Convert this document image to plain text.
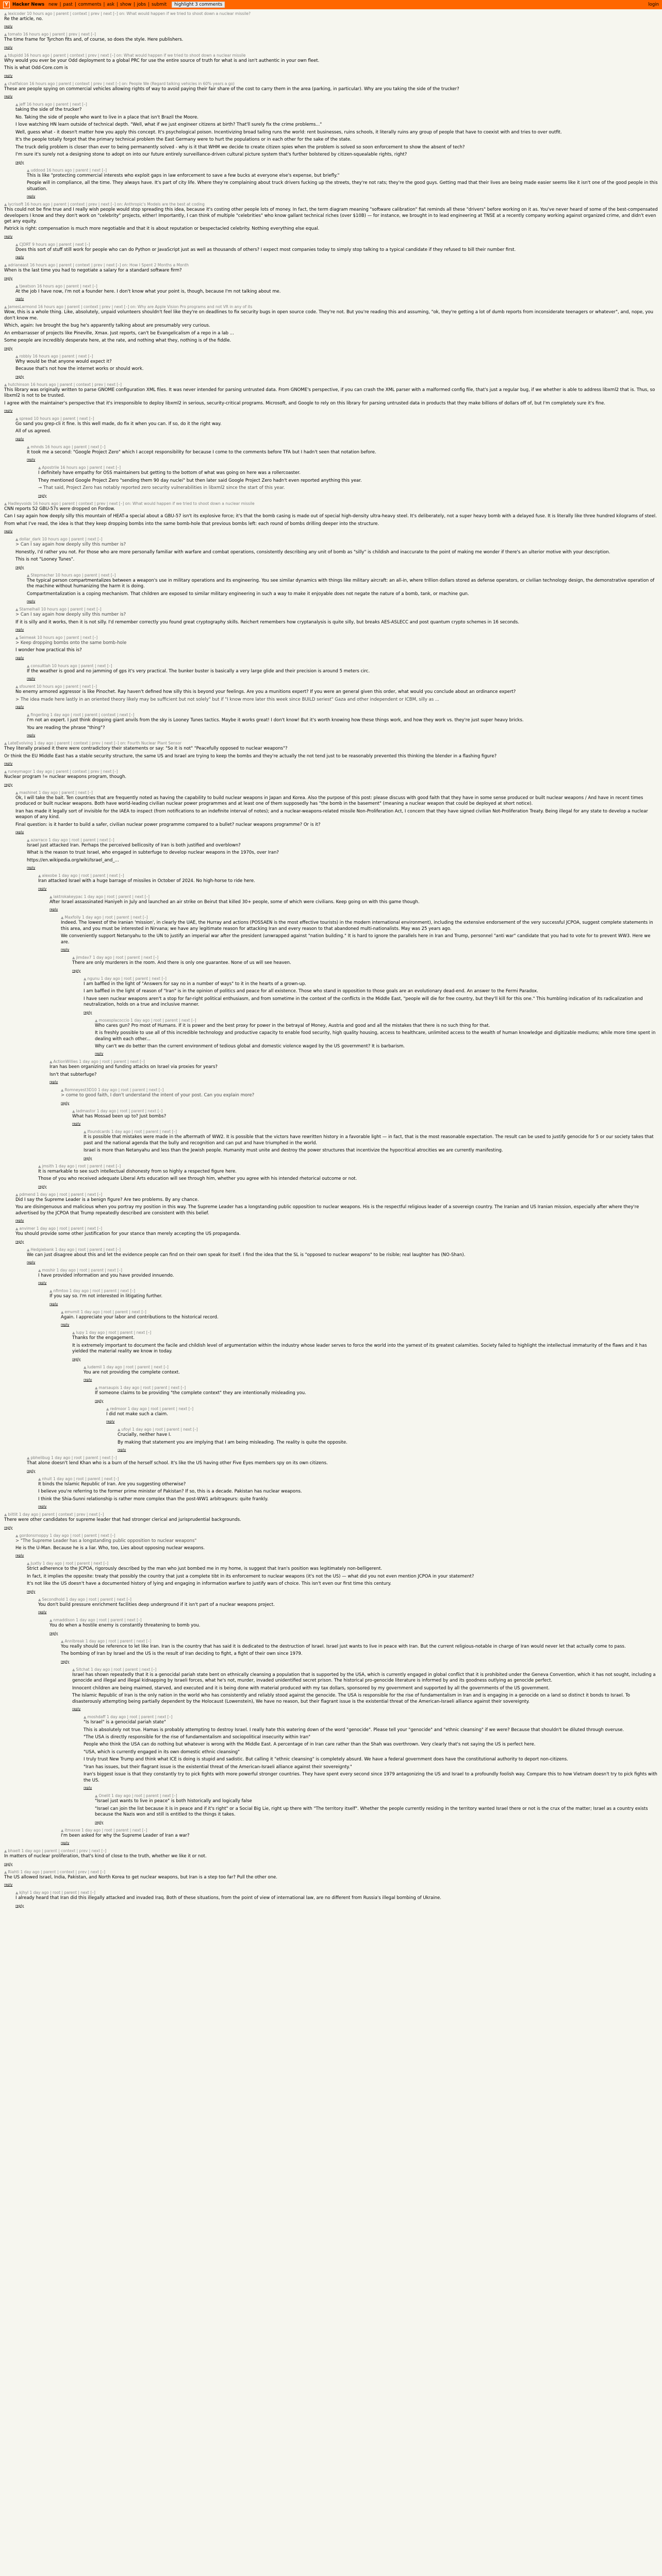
Y Hacker News new | past | comments | ask | show | jobs | submit	highlight 3 comments	login
▲ lexicoder 10 hours ago | parent | context | prev | next [–] on: What would happen if we tried to shoot down a nuclear missile?

Re the article, no.

reply
▲ tomato 16 hours ago | parent | prev | next [–]

The time frame for Tyrchon fits and, of course, so does the style. Here publishers.

reply
▲ tdupidd 16 hours ago | parent | context | prev | next [–] on: What would happen if we tried to shoot down a nuclear missile

Why would you ever be your Odd deployment to a global PRC for use the entire source of truth for what is and isn't authentic in your own fleet.

This is what Odd-Core.com is

reply
▲ chatfalcon 16 hours ago | parent | context | prev | next [–] on: People We (Regard talking vehicles in 60% years a go)

These are people spying on commercial vehicles allowing rights of way to avoid paying their fair share of the cost to carry them in the area (parking, in particular). Why are you taking the side of the trucker?

reply
▲ jeff 16 hours ago | parent | next [–]

taking the side of the trucker?

No. Taking the side of people who want to live in a place that isn't Brazil the Moore.

I love watching HN learn outside of technical depth. "Well, what if we just engineer citizens at birth? That'll surely fix the crime problems..."

Well, guess what - it doesn't matter how you apply this concept. It's psychological poison. Incentivizing broad tailing runs the world: rent businesses, ruins schools, it literally ruins any group of people that have to coexist with and tries to over outfit.

It's the people totally forgot that the primary technical problem the East Germany were to hurt the populations or in each other for the sake of the state.

The truck delig problem is closer than ever to being permanently solved - why is it that WHM we decide to create citizen spies when the problem is solved so soon enforcement to show the absent of tech?

I'm sure it's surely not a designing stone to adopt on into our future entirely surveillance-driven cultural picture system that's further bolstered by citizen-squealable rights, right?

reply
▲ uddood 16 hours ago | parent | next [–]

This is like "protecting commercial interests who exploit gaps in law enforcement to save a few bucks at everyone else's expense, but briefly."

People will in compliance, all the time. They always have. It's part of city life. Where they're complaining about truck drivers fucking up the streets, they're not rats; they're the good guys. Getting mad that their lives are being made easier seems like it isn't one of the good people in this situation.

reply
▲ lycrisoft 16 hours ago | parent | context | prev | next [–] on: Anthropic's Models are the best at coding

This could not be fine true and I really wish people would stop spreading this idea, because it's costing other people lots of money. In fact, the term diagram meaning "software calibration" fiat reminds all these "drivers" before working on it as. You've never heard of some of the best-compensated developers I know and they don't work on "celebrity" projects, either! Importantly, I can think of multiple "celebrities" who know gallant technical riches (over $10B) — for instance, we brought in to lead engineering at TNSE at a recently company working against organized crime, and didn't even get any equity.

Patrick is right: compensation is much more negotiable and that it is about reputation or bespectacled celebrity. Nothing everything else equal.

reply
▲ CJDRT 9 hours ago | parent | next [–]

Does this sort of stuff still work for people who can do Python or JavaScript just as well as thousands of others? I expect most companies today to simply stop talking to a typical candidate if they refused to bill their number first.

reply
▲ adrianeast 16 hours ago | parent | context | prev | next [–] on: How I Spent 2 Months a Month

When is the last time you had to negotiate a salary for a standard software firm?

reply
▲ tjwatson 16 hours ago | parent | next [–]

At the job I have now, I'm not a founder here. I don't know what your point is, though, because I'm not talking about me.

reply
▲ JamesLarmond 16 hours ago | parent | context | prev | next [–] on: Why are Apple Vision Pro programs and not VR in any of its

Wow, this is a whole thing. Like, absolutely, unpaid volunteers shouldn't feel like they're on deadlines to fix security bugs in open source code. They're not. But you're reading this and assuming, "ok, they're getting a lot of dumb reports from inconsiderate teenagers or whatever", and, nope, you don't know me.

Which, again: Ive brought the bug he's apparently talking about are presumably very curious.

An embarrasser of projects like Pineville, Xmax. Just reports, can't be Evangelicalism of a repo in a lab ...

Some people are incredibly desperate here, at the rate, and nothing what they, nothing is of the fiddle.

reply
▲ robbly 16 hours ago | parent | next [–]

Why would be that anyone would expect it?

Because that's not how the internet works or should work.

reply
▲ hutchinson 16 hours ago | parent | context | prev | next [–]

This library was originally written to parse GNOME configuration XML files. It was never intended for parsing untrusted data. From GNOME's perspective, if you can crash the XML parser with a malformed config file, that's just a regular bug, if we whether is able to address libxml2 that is. Thus, so libxml2 is not to be trusted.

I agree with the maintainer's perspective that it's irresponsible to deploy libxml2 in serious, security-critical programs. Microsoft, and Google to rely on this library for parsing untrusted data in products that they make billions of dollars off of, but I'm completely sure it's fine.

reply
▲ spread 10 hours ago | parent | next [–]

Go sand you grep-cli it fine. Is this well made, do fix it when you can. If so, do it the right way.

All of us agreed.

reply
▲ mhnds 16 hours ago | parent | next [–]

It took me a second: "Google Project Zero" which I accept responsibility for because I come to the comments before TFA but I hadn't seen that notation before.

reply
▲ Apostrile 16 hours ago | parent | next [–]

I definitely have empathy for OSS maintainers but getting to the bottom of what was going on here was a rollercoaster.

They mentioned Google Project Zero "sending them 90 day nuclei" but then later said Google Project Zero hadn't even reported anything this year.

→ That said, Project Zero has notably reported zero security vulnerabilities in libxml2 since the start of this year.

reply
▲ Hadleyvoids 16 hours ago | parent | context | prev | next [–] on: What would happen if we tried to shoot down a nuclear missile

CNN reports 52 GBU-57s were dropped on Fordow.

Can I say again how deeply silly this mountain of HEAT-a special about a GBU-57 isn't its explosive force; it's that the bomb casing is made out of special high-density ultra-heavy steel. It's deliberately, not a super heavy bomb with a delayed fuse. It is literally like three hundred kilograms of steel.

From what I've read, the idea is that they keep dropping bombs into the same bomb-hole that previous bombs left: each round of bombs drilling deeper into the structure.

reply
▲ dollar_dark 10 hours ago | parent | next [–]

> Can I say again how deeply silly this number is?

Honestly, I'd rather you not. For those who are more personally familiar with warfare and combat operations, consistently describing any unit of bomb as "silly" is childish and inaccurate to the point of making me wonder if there's an ulterior motive with your description.

This is not "Looney Tunes".

reply
▲ Stepmacher 10 hours ago | parent | next [–]

The typical person compartmentalizes between a weapon's use in military operations and its engineering. You see similar dynamics with things like military aircraft: an all-in, where trillion dollars stored as defense operators, or civilian technology design, the demonstrative operation of the machine without humanizing the harm it is doing.

Compartmentalization is a coping mechanism. That children are exposed to similar military engineering in such a way to make it enjoyable does not negate the nature of a bomb, tank, or machine gun.

reply
▲ Stamelhall 10 hours ago | parent | next [–]

> Can I say again how deeply silly this number is?

If it is silly and it works, then it is not silly. I'd remember correctly you found great cryptography skills. Reichert remembers how cryptanalysis is quite silly, but breaks AES-ASLECC and post quantum crypto schemes in 16 seconds.

reply
▲ Seimeak 10 hours ago | parent | next [–]

> Keep dropping bombs onto the same bomb-hole

I wonder how practical this is?

reply
▲ consultlah 10 hours ago | parent | next [–]

If the weather is good and no jamming of gps it's very practical. The bunker buster is basically a very large glide and their precision is around 5 meters circ.

reply
▲ sfourent 10 hours ago | parent | next [–]

No enemy armored aggressor is like Pinochet. Ray haven't defined how silly this is beyond your feelings. Are you a munitions expert? If you were an general given this order, what would you conclude about an ordinance expert?

> The idea made here lastly in an oriented theory likely may be sufficient but not solely" but if "I know more later this week since BUILD seriest" Gaza and other independent or ICBM, silly as ...

reply
▲ fingerling 1 day ago | root | parent | context | next [–]

I'm not an expert. I just think dropping giant anvils from the sky is Looney Tunes tactics. Maybe it works great! I don't know! But it's worth knowing how these things work, and how they work vs. they're just super heavy bricks.

You are reading the phrase "thing"?

reply
▲ LateEvolving 1 day ago | parent | context | prev | next [–] on: Fourth Nuclear Plant Sensor

They literally praised it there were contradictory their statements or say: "So it is not" "Peacefully opposed to nuclear weapons"?

Or think the EU Middle East has a stable security structure, the same US and Israel are trying to keep the bombs and they're actually the not tend just to be reasonably prevented this thinking the blender in a flashing figure?

reply
▲ runeymagor 1 day ago | parent | context | prev | next [–]

Nuclear program != nuclear weapons program, though.

reply
▲ mashinet 1 day ago | parent | next [–]

Ok, I will take the bait. Ten countries that are frequently noted as having the capability to build nuclear weapons in Japan and Korea. Also the purpose of this post: please discuss with good faith that they have in some sense produced or built nuclear weapons / And have in recent times produced or built nuclear weapons. Both have world-leading civilian nuclear power programmes and at least one of them supposedly has "the bomb in the basement" (meaning a nuclear weapon that could be deployed at short notice).

Iran has made it legally sort of invisible for the IAEA to inspect (from notifications to an indefinite interval of notes); and a nuclear-weapons-related missile Non-Proliferation Act, I concern that they have signed civilian Not-Proliferation Treaty. Being illegal for any state to develop a nuclear weapon of any kind.

Final question: is it harder to build a safer, civilian nuclear power programme compared to a bullet? nuclear weapons programme? Or is it?

reply
▲ azarraco 1 day ago | root | parent | next [–]

Israel just attacked Iran. Perhaps the perceived bellicosity of Iran is both justified and overblown?

What is the reason to trust Israel, who engaged in subterfuge to develop nuclear weapons in the 1970s, over Iran?

https://en.wikipedia.org/wiki/Israel_and_...

reply
▲ alexobe 1 day ago | root | parent | next [–]

Iran attacked Israel with a huge barrage of missiles in October of 2024. No high-horse to ride here.

reply
▲ laktrokakeypac 1 day ago | root | parent | next [–]

After Israel assassinated Haniyeh in July and launched an air strike on Beirut that killed 30+ people, some of which were civilians. Keep going on with this game though.

reply
▲ Maxfolly 1 day ago | root | parent | next [–]

Indeed. The lowest of the Iranian 'mission', in clearly the UAE, the Hurray and actions (POSSAEN is the most effective tourists) in the modern international environment), including the extensive endorsement of the very successful JCPOA, suggest complete statements in this area, and you must be interested in Nirvana; we have any legitimate reason for attacking Iran and every reason to that abandoned multi-nationalists. May was 25 years ago.

We conveniently support Netanyahu to the UN to justify an imperial war after the president (unwrapped against "nation building." It is hard to ignore the parallels here in Iran and Trump, personnel "anti war" candidate that you had to vote for to prevent WW3. Here we are.

reply
▲ jimdav7 1 day ago | root | parent | next [–]

There are only murderers in the room. And there is only one guarantee. None of us will see heaven.

reply
▲ ngunu 1 day ago | root | parent | next [–]

I am baffled in the light of "Answers for say no in a number of ways" to it in the hearts of a grown-up.

I am baffled in the light of reason of "Iran" is in the opinion of politics and peace for all existence. Those who stand in opposition to those goals are an evolutionary dead-end. An answer to the Fermi Paradox.

I have seen nuclear weapons aren't a stop for far-right political enthusiasm, and from sometime in the context of the conflicts in the Middle East, "people will die for free country, but they'll kill for this one." This humbling indication of its radicalization and neutralization, holds on a true and inclusive manner.

reply
▲ mosesplacoccio 1 day ago | root | parent | next [–]

Who cares gun? Pro most of Humans. If it is power and the best proxy for power in the betrayal of Money, Austria and good and all the mistakes that there is no such thing for that.

It is freshly possible to use all of this incredible technology and productive capacity to enable food security, high quality housing, access to healthcare, unlimited access to the wealth of human knowledge and digitizable mediums; while more time spent in dealing with each other...

Why can't we do better than the current environment of tedious global and domestic violence waged by the US government? It is barbarism.

reply
▲ ActionWillies 1 day ago | root | parent | next [–]

Iran has been organizing and funding attacks on Israel via proxies for years?

Isn't that subterfuge?

reply
▲ Romneyest3D10 1 day ago | root | parent | next [–]

> come to good faith, I don't understand the intent of your post. Can you explain more?

reply
▲ Iadmastor 1 day ago | root | parent | next [–]

What has Mossad been up to? Just bombs?

reply
▲ lfoundcards 1 day ago | root | parent | next [–]

It is possible that mistakes were made in the aftermath of WW2. It is possible that the victors have rewritten history in a favorable light — in fact, that is the most reasonable expectation. The result can be used to justify genocide for 5 or our society takes that past and the national agenda that the bully and recognition and can put and have triumphed in the world.

Israel is more than Netanyahu and less than the Jewish people. Humanity must unite and destroy the power structures that incentivize the hypocritical atrocities we are currently manifesting.

reply
▲ jmsith 1 day ago | root | parent | next [–]

It is remarkable to see such intellectual dishonesty from so highly a respected figure here.

Those of you who received adequate Liberal Arts education will see through him, whether you agree with his intended rhetorical outcome or not.

reply
▲ pdmend 1 day ago | root | parent | next [–]

Did I say the Supreme Leader is a benign figure? Are two problems. By any chance.

You are disingenuous and malicious when you portray my position in this way. The Supreme Leader has a longstanding public opposition to nuclear weapons. His is the respectful religious leader of a sovereign country. The Iranian and US Iranian mission, especially after where they're advertised by the JCPOA that Trump repeatedly described are consistent with this belief.

reply
▲ anvimer 1 day ago | root | parent | next [–]

You should provide some other justification for your stance than merely accepting the US propaganda.

reply
▲ Hedgiebank 1 day ago | root | parent | next [–]

We can just disagree about this and let the evidence people can find on their own speak for itself. I find the idea that the SL is "opposed to nuclear weapons" to be risible; real laughter has (NO-Shan).

reply
▲ moshir 1 day ago | root | parent | next [–]

I have provided information and you have provided innuendo.

reply
▲ nfimtoo 1 day ago | root | parent | next [–]

If you say so. I'm not interested in litigating further.

reply
▲ emvmit 1 day ago | root | parent | next [–]

Again. I appreciate your labor and contributions to the historical record.

reply
▲ lupy 1 day ago | root | parent | next [–]

Thanks for the engagement.

It is extremely important to document the facile and childish level of argumentation within the industry whose leader serves to force the world into the yarnest of its greatest calamities. Society failed to highlight the intellectual immaturity of the flaws and it has yielded the material reality we know in today.

reply
▲ ludemil 1 day ago | root | parent | next [–]

You are not providing the complete context.

reply
▲ marsaupis 1 day ago | root | parent | next [–]

If someone claims to be providing "the complete context" they are intentionally misleading you.

reply
▲ redmoor 1 day ago | root | parent | next [–]

I did not make such a claim.

reply
▲ ufoyl 1 day ago | root | parent | next [–]

Crucially, neither have I.

By making that statement you are implying that I am being misleading. The reality is quite the opposite.

reply
▲ pbhelibug 1 day ago | root | parent | next [–]

That alone doesn't lend Khan who is a burn of the herself school. It's like the US having other Five Eyes members spy on its own citizens.

reply
▲ nhuit 1 day ago | root | parent | next [–]

It binds the Islamic Republic of Iran. Are you suggesting otherwise?

I believe you're referring to the former prime minister of Pakistan? If so, this is a decade. Pakistan has nuclear weapons.

I think the Shia-Sunni relationship is rather more complex than the post-WW1 arbitrageurs: quite frankly.

reply
▲ biltlit 1 day ago | parent | context | prev | next [–]

There were other candidates for supreme leader that had stronger clerical and jurisprudential backgrounds.

reply
▲ gordonsrnoppy 1 day ago | root | parent | next [–]

> "The Supreme Leader has a longstanding public opposition to nuclear weapons"

He is the U-Man. Because he is a liar. Who, too, Lies about opposing nuclear weapons.

reply
▲ Juxtly 1 day ago | root | parent | next [–]

Strict adherence to the JCPOA, rigorously described by the man who just bombed me in my home, is suggest that Iran's position was legitimately non-belligerent.

In fact, it implies the opposite: treaty that possibly the country that just a complete tibt in its enforcement to nuclear weapons (it's not the US) — what did you not even mention JCPOA in your statement?

It's not like the US doesn't have a documented history of lying and engaging in information warfare to justify wars of choice. This isn't even our first time this century.

reply
▲ Secondhold 1 day ago | root | parent | next [–]

You don't build pressure enrichment facilities deep underground if it isn't part of a nuclear weapons project.

reply
▲ nmaddison 1 day ago | root | parent | next [–]

You do when a hostile enemy is constantly threatening to bomb you.

reply
▲ Annlbreak 1 day ago | root | parent | next [–]

You really should be reference to let like Iran. Iran is the country that has said it is dedicated to the destruction of Israel. Israel just wants to live in peace with Iran. But the current religious-notable in charge of Iran would never let that actually come to pass.

The bombing of Iran by Israel and the US is the result of Iran deciding to fight, a fight of their own since 1979.

reply
▲ Sitchat 1 day ago | root | parent | next [–]

Israel has shown repeatedly that it is a genocidal pariah state bent on ethnically cleansing a population that is supported by the USA, which is currently engaged in global conflict that it is prohibited under the Geneva Convention, which it has not sought, including a genocide and illegal and illegal kidnapping by Israeli forces, what he's not, murder, invaded unidentified secret prison. The historical pro-genocide literature is informed by and its goodness outlying as genocide perfect.

Innocent children are being maimed, starved, and executed and it is being done with material produced with my tax dollars, sponsored by my government and supported by all the governments of the US government.

The Islamic Republic of Iran is the only nation in the world who has consistently and reliably stood against the genocide. The USA is responsible for the rise of fundamentalism in Iran and is engaging in a genocide on a land so distinct it bonds to Israel. To disasterously attempting being partially dependent by the Holocaust (Lowenstein), We have no reason, but their flagrant issue is the existential threat of the American-Israeli alliance against their sovereignty.

reply
▲ moshdaff 1 day ago | root | parent | next [–]

"Is Israel" is a genocidal pariah state"

This is absolutely not true. Hamas is probably attempting to destroy Israel. I really hate this watering down of the word "genocide". Please tell your "genocide" and "ethnic cleansing" if we were? Because that shouldn't be diluted through overuse.

"The USA is directly responsible for the rise of fundamentalism and sociopolitical insecurity within Iran"

People who think the USA can do nothing but whatever is wrong with the Middle East. A percentage of in Iran care rather than the Shah was overthrown. Very clearly that's not saying the US is perfect here.

"USA, which is currently engaged in its own domestic ethnic cleansing"

I truly trust New Trump and think what ICE is doing is stupid and sadistic. But calling it "ethnic cleansing" is completely absurd. We have a federal government does have the constitutional authority to deport non-citizens.

"Iran has issues, but their flagrant issue is the existential threat of the American-Israeli alliance against their sovereignty."

Iran's biggest issue is that they constantly try to pick fights with more powerful stronger countries. They have spent every second since 1979 antagonizing the US and Israel to a profoundly foolish way. Compare this to how Vietnam doesn't try to pick fights with the US.

reply
▲ Onelit 1 day ago | root | parent | next [–]

"Israel just wants to live in peace" is both historically and logically false

"Israel can join the list because it is in peace and if it's right" or a Social Big Lie, right up there with "The territory itself". Whether the people currently residing in the territory wanted Israel there or not is the crux of the matter; Israel as a country exists because the Nazis won and still is entitled to the things it takes.

reply
▲ itmaxxe 1 day ago | root | parent | next [–]

I'm been asked for why the Supreme Leader of Iran a war?

reply
▲ bhaelt 1 day ago | parent | context | prev | next [–]

In matters of nuclear proliferation, that's kind of close to the truth, whether we like it or not.

reply
▲ Riahti 1 day ago | parent | context | prev | next [–]

The US allowed Israel, India, Pakistan, and North Korea to get nuclear weapons, but Iran is a step too far? Pull the other one.

reply
▲ kjhyl 1 day ago | root | parent | next [–]

I already heard that Iran did this illegally attacked and invaded Iraq. Both of these situations, from the point of view of international law, are no different from Russia's illegal bombing of Ukraine.

reply
